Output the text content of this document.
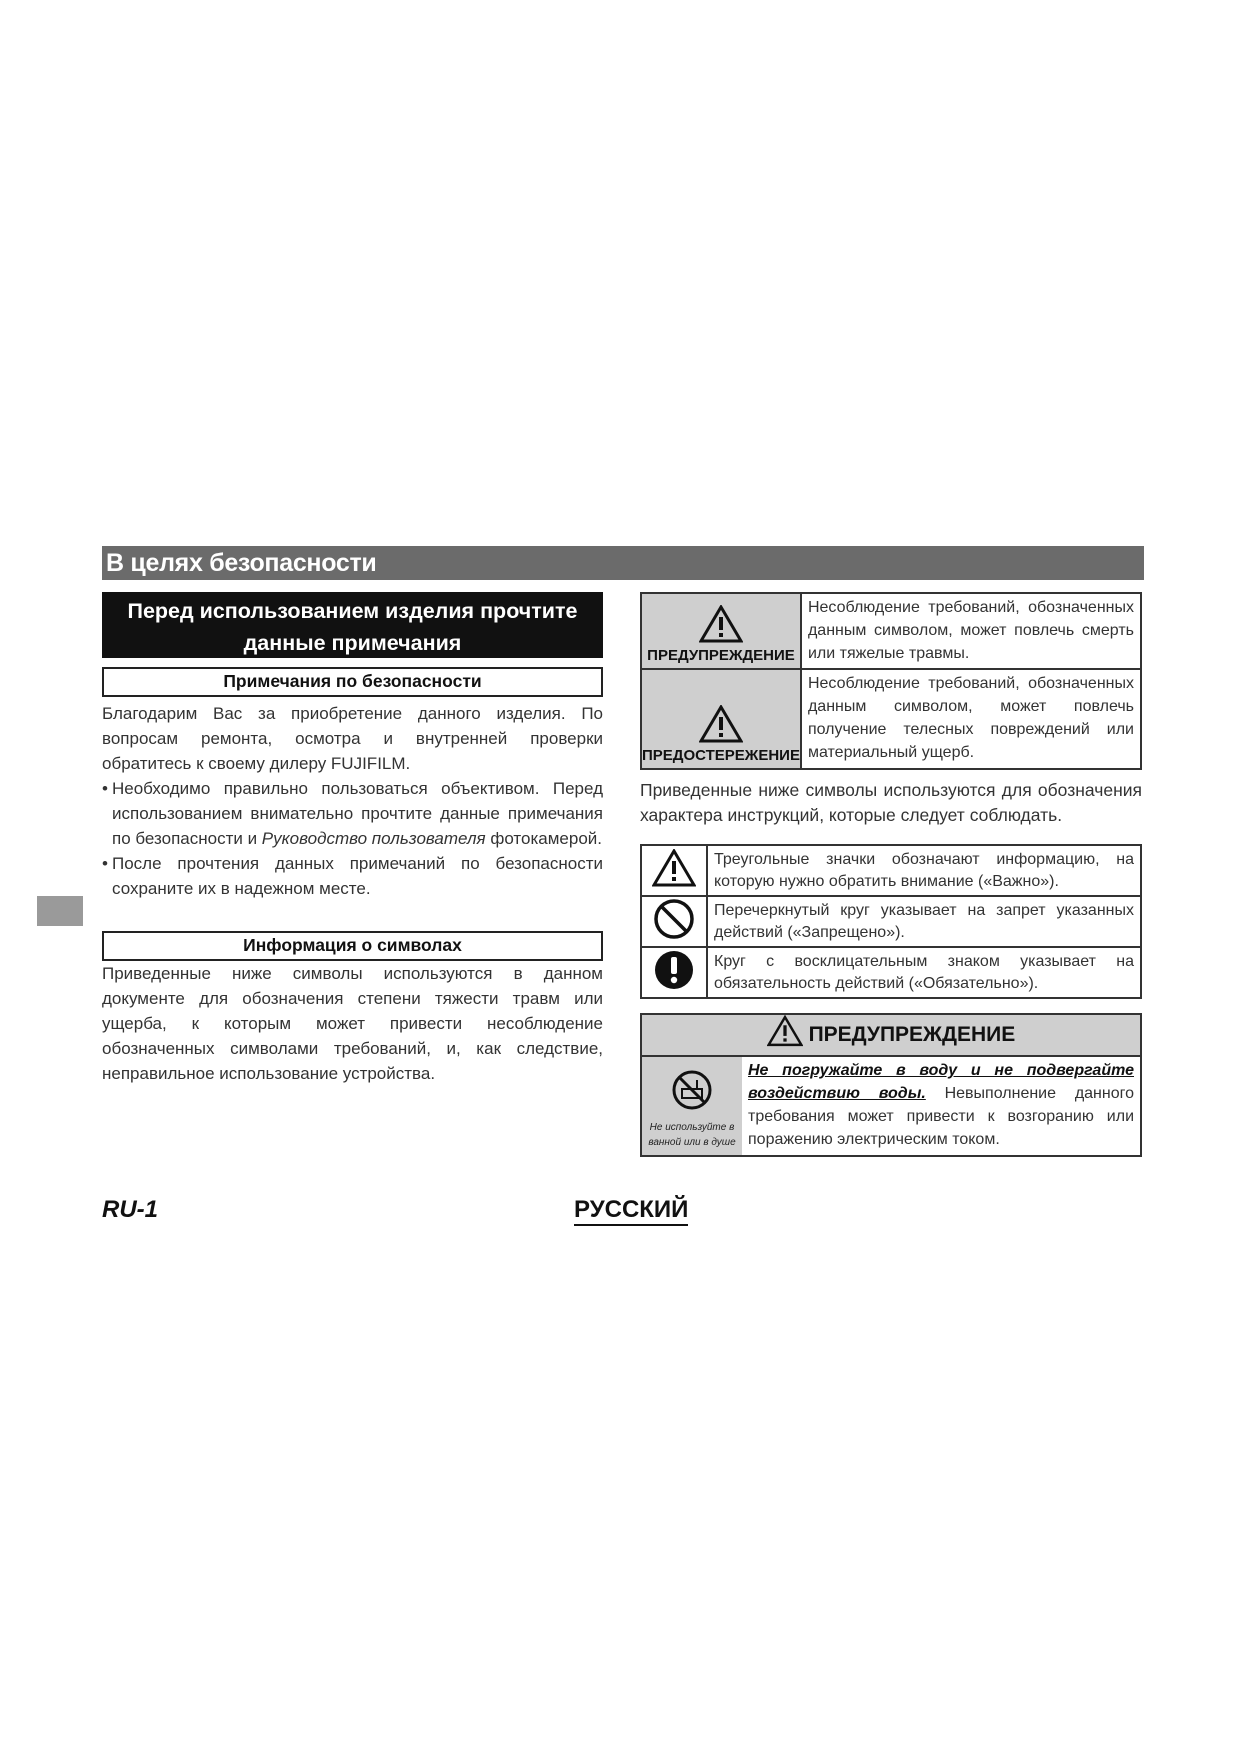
В целях безопасности
Перед использованием изделия прочтите данные примечания
Примечания по безопасности
Благодарим Вас за приобретение данного изделия. По вопросам ремонта, осмотра и внутренней проверки обратитесь к своему дилеру FUJIFILM.
• Необходимо правильно пользоваться объективом. Перед использованием внимательно прочтите данные примечания по безопасности и Руководство пользователя фотокамерой.
• После прочтения данных примечаний по безопасности сохраните их в надежном месте.
Информация о символах
Приведенные ниже символы используются в данном документе для обозначения степени тяжести травм или ущерба, к которым может привести несоблюдение обозначенных символами требований, и, как следствие, неправильное использование устройства.

ПРЕДУПРЕЖДЕНИЕ	Несоблюдение требований, обозначенных данным символом, может повлечь смерть или тяжелые травмы.

ПРЕДОСТЕРЕЖЕНИЕ	Несоблюдение требований, обозначенных данным символом, может повлечь получение телесных повреждений или материальный ущерб.
Приведенные ниже символы используются для обозначения характера инструкций, которые следует соблюдать.
	Треугольные значки обозначают информацию, на которую нужно обратить внимание («Важно»).
	Перечеркнутый круг указывает на запрет указанных действий («Запрещено»).
	Круг с восклицательным знаком указывает на обязательность действий («Обязательно»).
ПРЕДУПРЕЖДЕНИЕ
Не используйте в
ванной или в душе
Не погружайте в воду и не подвергайте воздействию воды. Невыполнение данного требования может привести к возгоранию или поражению электрическим током.
RU-1	РУССКИЙ
